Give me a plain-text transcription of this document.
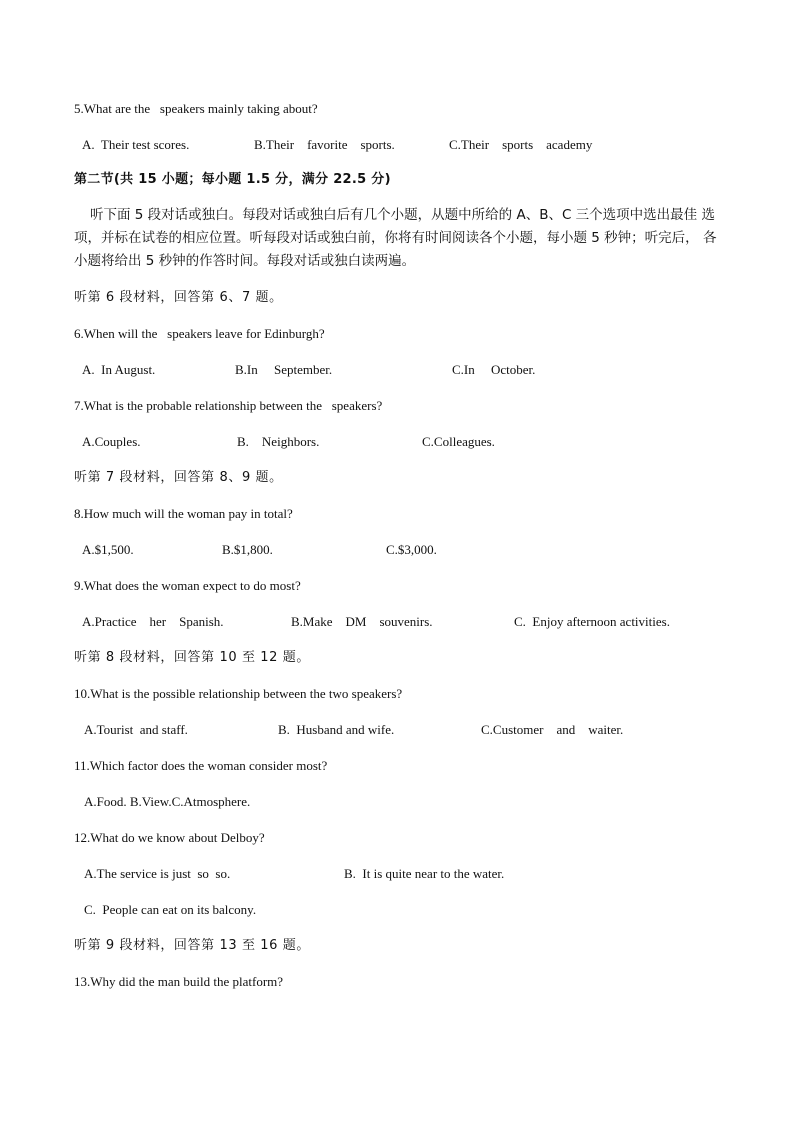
5.What are the   speakers mainly taking about?
A.  Their test scores.	B.Their    favorite    sports.	C.Their    sports    academy
第二节(共 15 小题；每小题 1.5 分，满分 22.5 分)
听下面 5 段对话或独白。每段对话或独白后有几个小题，从题中所给的 A、B、C 三个选项中选出最佳 选项，并标在试卷的相应位置。听每段对话或独白前，你将有时间阅读各个小题，每小题 5 秒钟；听完后， 各小题将给出 5 秒钟的作答时间。每段对话或独白读两遍。
听第 6 段材料，回答第 6、7 题。
6.When will the   speakers leave for Edinburgh?
A.  In August.	B.In     September.	C.In     October.
7.What is the probable relationship between the   speakers?
A.Couples.	B.    Neighbors.	C.Colleagues.
听第 7 段材料，回答第 8、9 题。
8.How much will the woman pay in total?
A.$1,500.	B.$1,800.	C.$3,000.
9.What does the woman expect to do most?
A.Practice    her    Spanish.	B.Make    DM    souvenirs.	C.  Enjoy afternoon activities.
听第 8 段材料，回答第 10 至 12 题。
10.What is the possible relationship between the two speakers?
A.Tourist  and staff.	B.  Husband and wife.	C.Customer    and    waiter.
11.Which factor does the woman consider most?
A.Food. B.View.C.Atmosphere.
12.What do we know about Delboy?
A.The service is just  so  so.	B.  It is quite near to the water.
C.  People can eat on its balcony.
听第 9 段材料，回答第 13 至 16 题。
13.Why did the man build the platform?
